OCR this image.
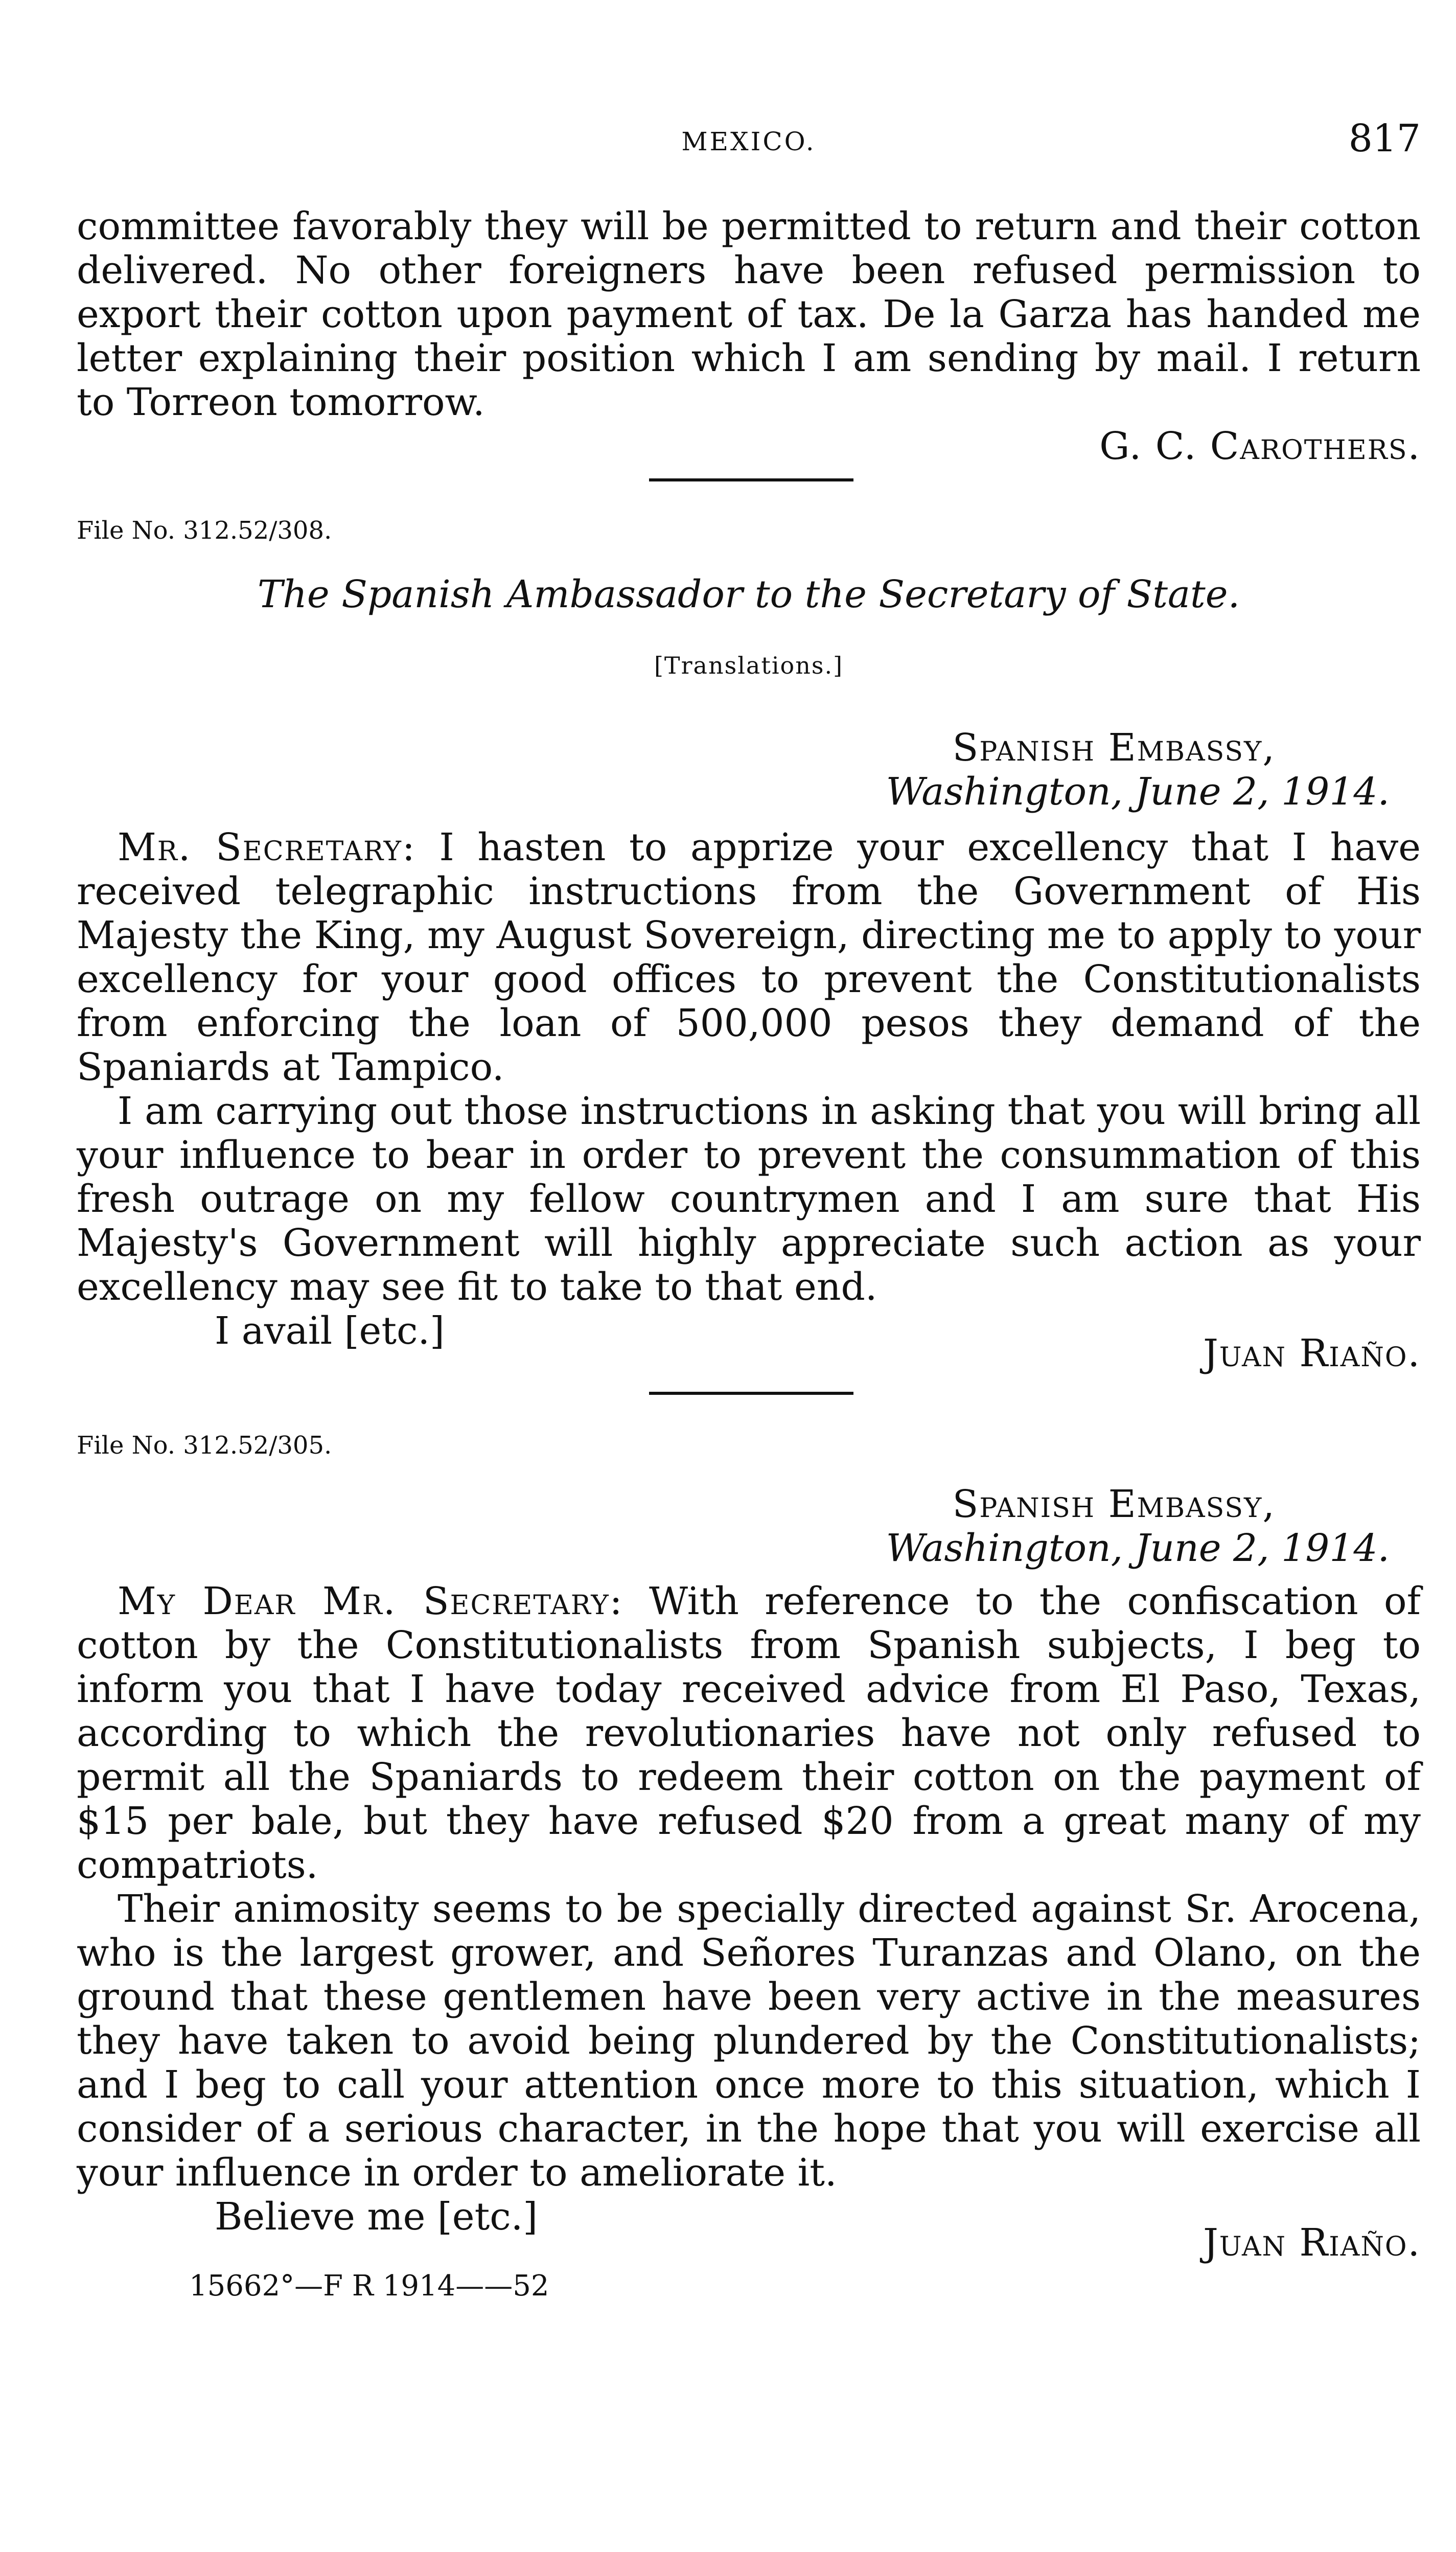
MEXICO.	817

committee favorably they will be permitted to return and their cotton delivered. No other foreigners have been refused permission to export their cotton upon payment of tax. De la Garza has handed me letter explaining their position which I am sending by mail. I return to Torreon tomorrow.

G. C. Carothers.
File No. 312.52/308.
The Spanish Ambassador to the Secretary of State.
[Translations.]
Spanish Embassy,
Washington, June 2, 1914.

Mr. Secretary: I hasten to apprize your excellency that I have received telegraphic instructions from the Government of His Majesty the King, my August Sovereign, directing me to apply to your excellency for your good offices to prevent the Constitutionalists from enforcing the loan of 500,000 pesos they demand of the Spaniards at Tampico.

I am carrying out those instructions in asking that you will bring all your influence to bear in order to prevent the consummation of this fresh outrage on my fellow countrymen and I am sure that His Majesty's Government will highly appreciate such action as your excellency may see fit to take to that end.

I avail [etc.]

Juan Riaño.
File No. 312.52/305.
Spanish Embassy,
Washington, June 2, 1914.

My Dear Mr. Secretary: With reference to the confiscation of cotton by the Constitutionalists from Spanish subjects, I beg to inform you that I have today received advice from El Paso, Texas, according to which the revolutionaries have not only refused to permit all the Spaniards to redeem their cotton on the payment of $15 per bale, but they have refused $20 from a great many of my compatriots.

Their animosity seems to be specially directed against Sr. Arocena, who is the largest grower, and Señores Turanzas and Olano, on the ground that these gentlemen have been very active in the measures they have taken to avoid being plundered by the Constitutionalists; and I beg to call your attention once more to this situation, which I consider of a serious character, in the hope that you will exercise all your influence in order to ameliorate it.

Believe me [etc.]

Juan Riaño.
15662°—F R 1914——52
